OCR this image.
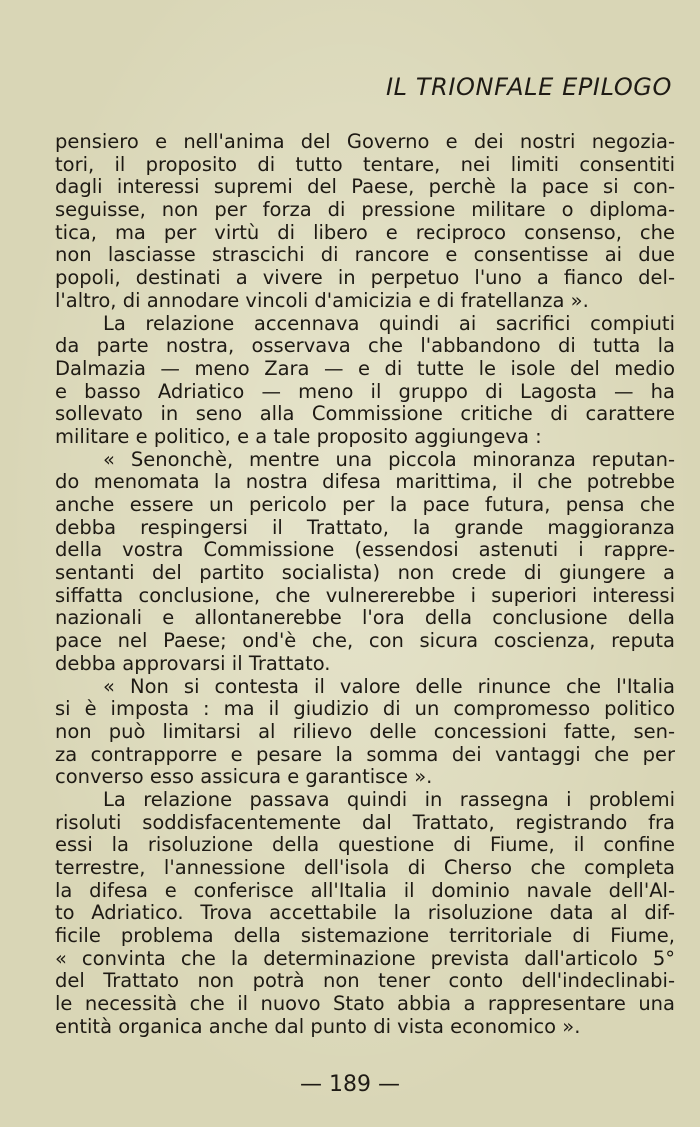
IL TRIONFALE EPILOGO
pensiero e nell'anima del Governo e dei nostri negozia-
tori, il proposito di tutto tentare, nei limiti consentiti
dagli interessi supremi del Paese, perchè la pace si con-
seguisse, non per forza di pressione militare o diploma-
tica, ma per virtù di libero e reciproco consenso, che
non lasciasse strascichi di rancore e consentisse ai due
popoli, destinati a vivere in perpetuo l'uno a fianco del-
l'altro, di annodare vincoli d'amicizia e di fratellanza ».
La relazione accennava quindi ai sacrifici compiuti
da parte nostra, osservava che l'abbandono di tutta la
Dalmazia — meno Zara — e di tutte le isole del medio
e basso Adriatico — meno il gruppo di Lagosta — ha
sollevato in seno alla Commissione critiche di carattere
militare e politico, e a tale proposito aggiungeva :
« Senonchè, mentre una piccola minoranza reputan-
do menomata la nostra difesa marittima, il che potrebbe
anche essere un pericolo per la pace futura, pensa che
debba respingersi il Trattato, la grande maggioranza
della vostra Commissione (essendosi astenuti i rappre-
sentanti del partito socialista) non crede di giungere a
siffatta conclusione, che vulnererebbe i superiori interessi
nazionali e allontanerebbe l'ora della conclusione della
pace nel Paese; ond'è che, con sicura coscienza, reputa
debba approvarsi il Trattato.
« Non si contesta il valore delle rinunce che l'Italia
si è imposta : ma il giudizio di un compromesso politico
non può limitarsi al rilievo delle concessioni fatte, sen-
za contrapporre e pesare la somma dei vantaggi che per
converso esso assicura e garantisce ».
La relazione passava quindi in rassegna i problemi
risoluti soddisfacentemente dal Trattato, registrando fra
essi la risoluzione della questione di Fiume, il confine
terrestre, l'annessione dell'isola di Cherso che completa
la difesa e conferisce all'Italia il dominio navale dell'Al-
to Adriatico. Trova accettabile la risoluzione data al dif-
ficile problema della sistemazione territoriale di Fiume,
« convinta che la determinazione prevista dall'articolo 5°
del Trattato non potrà non tener conto dell'indeclinabi-
le necessità che il nuovo Stato abbia a rappresentare una
entità organica anche dal punto di vista economico ».
— 189 —
